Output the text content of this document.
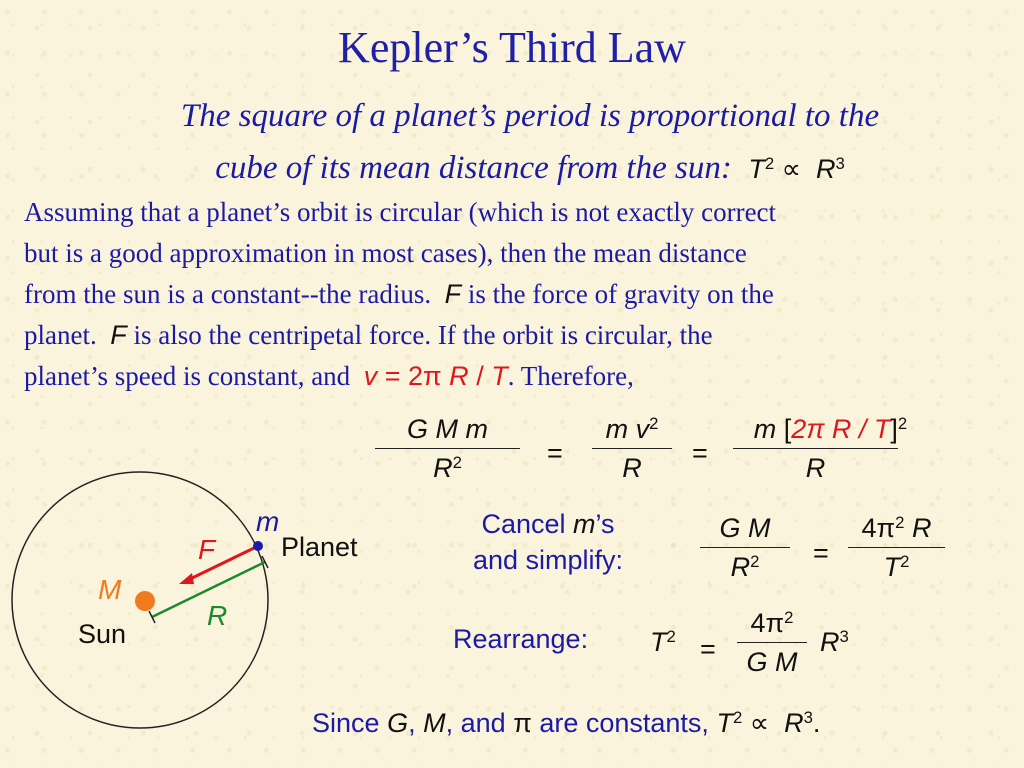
Kepler’s Third Law
The square of a planet’s period is proportional to the
cube of its mean distance from the sun: $T^2 \propto R^3$
Assuming that a planet’s orbit is circular (which is not exactly correct
but is a good approximation in most cases), then the mean distance
from the sun is a constant--the radius. F is the force of gravity on the
planet. F is also the centripetal force. If the orbit is circular, the
planet’s speed is constant, and v = 2π R / T. Therefore,
G M m
$R^2$	=
m $v^2$
R	=
m [2π R / T]$^2$
R
m
Planet
F
M
R
Sun
Cancel m’s
and simplify:
G M
$R^2$	=
$4\pi^2$ R
$T^2$
Rearrange: $T^2$ =
$4\pi^2$
G M
$R^3$
Since G, M, and π are constants, $T^2 \propto R^3$.
